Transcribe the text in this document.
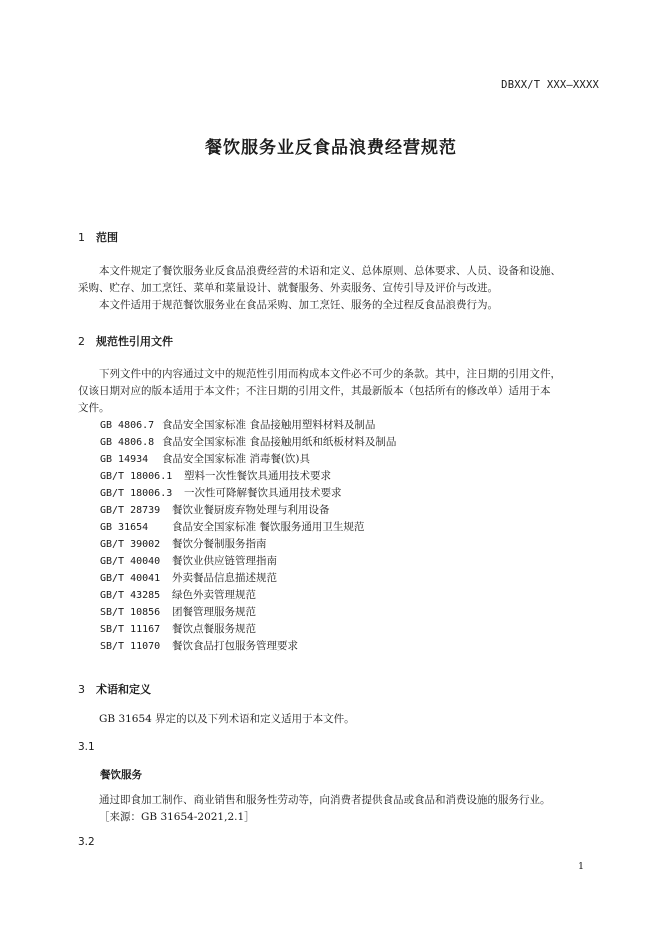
DBXX/T XXX—XXXX
餐饮服务业反食品浪费经营规范
1 范围
本文件规定了餐饮服务业反食品浪费经营的术语和定义、总体原则、总体要求、人员、设备和设施、
采购、贮存、加工烹饪、菜单和菜量设计、就餐服务、外卖服务、宣传引导及评价与改进。
本文件适用于规范餐饮服务业在食品采购、加工烹饪、服务的全过程反食品浪费行为。
2 规范性引用文件
下列文件中的内容通过文中的规范性引用而构成本文件必不可少的条款。其中，注日期的引用文件，
仅该日期对应的版本适用于本文件；不注日期的引用文件，其最新版本（包括所有的修改单）适用于本
文件。
GB 4806.7 食品安全国家标准 食品接触用塑料材料及制品
GB 4806.8 食品安全国家标准 食品接触用纸和纸板材料及制品
GB 14934 食品安全国家标准 消毒餐(饮)具
GB/T 18006.1 塑料一次性餐饮具通用技术要求
GB/T 18006.3 一次性可降解餐饮具通用技术要求
GB/T 28739 餐饮业餐厨废弃物处理与利用设备
GB 31654 食品安全国家标准 餐饮服务通用卫生规范
GB/T 39002 餐饮分餐制服务指南
GB/T 40040 餐饮业供应链管理指南
GB/T 40041 外卖餐品信息描述规范
GB/T 43285 绿色外卖管理规范
SB/T 10856 团餐管理服务规范
SB/T 11167 餐饮点餐服务规范
SB/T 11070 餐饮食品打包服务管理要求
3 术语和定义
GB 31654 界定的以及下列术语和定义适用于本文件。
3.1
餐饮服务
通过即食加工制作、商业销售和服务性劳动等，向消费者提供食品或食品和消费设施的服务行业。
［来源：GB 31654-2021,2.1］
3.2
1
